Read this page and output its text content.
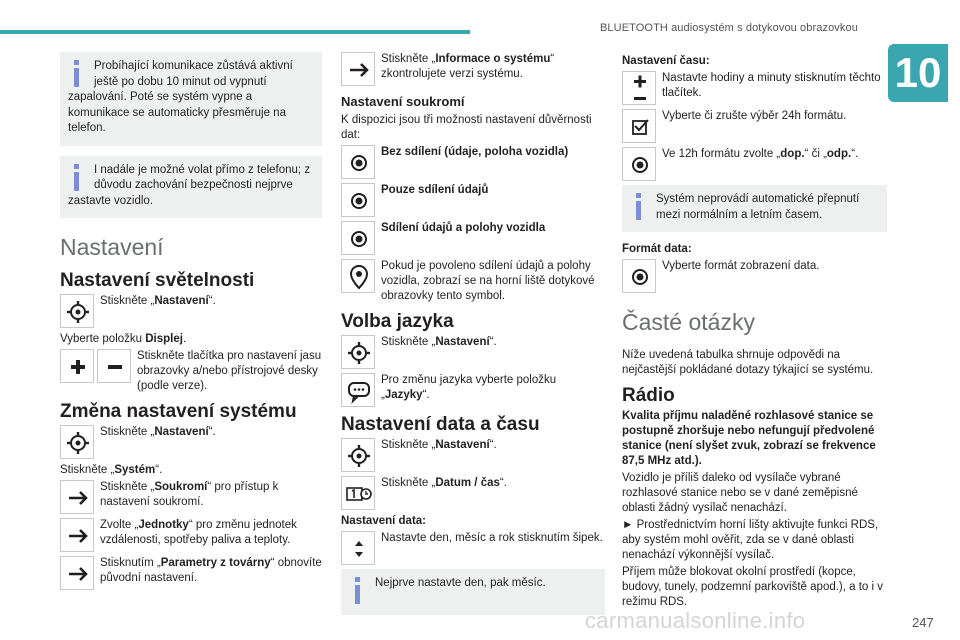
BLUETOOTH audiosystém s dotykovou obrazovkou
10

Probíhající komunikace zůstává aktivní ještě po dobu 10 minut od vypnutí zapalování. Poté se systém vypne a komunikace se automaticky přesměruje na telefon.

I nadále je možné volat přímo z telefonu; z důvodu zachování bezpečnosti nejprve zastavte vozidlo.

Nastavení
Nastavení světelnosti

Stiskněte „Nastavení“.

Vyberte položku Displej.

Stiskněte tlačítka pro nastavení jasu obrazovky a/nebo přístrojové desky (podle verze).

Změna nastavení systému

Stiskněte „Nastavení“.

Stiskněte „Systém“.

Stiskněte „Soukromí“ pro přístup k nastavení soukromí.

Zvolte „Jednotky“ pro změnu jednotek vzdálenosti, spotřeby paliva a teploty.

Stisknutím „Parametry z továrny“ obnovíte původní nastavení.

Stiskněte „Informace o systému“ zkontrolujete verzi systému.

Nastavení soukromí

K dispozici jsou tři možnosti nastavení důvěrnosti dat:

Bez sdílení (údaje, poloha vozidla)

Pouze sdílení údajů

Sdílení údajů a polohy vozidla

Pokud je povoleno sdílení údajů a polohy vozidla, zobrazí se na horní liště dotykové obrazovky tento symbol.

Volba jazyka

Stiskněte „Nastavení“.

Pro změnu jazyka vyberte položku „Jazyky“.

Nastavení data a času

Stiskněte „Nastavení“.

Stiskněte „Datum / čas“.

Nastavení data:

Nastavte den, měsíc a rok stisknutím šipek.

Nejprve nastavte den, pak měsíc.

Nastavení času:

Nastavte hodiny a minuty stisknutím těchto tlačítek.

Vyberte či zrušte výběr 24h formátu.

Ve 12h formátu zvolte „dop.“ či „odp.“.

Systém neprovádí automatické přepnutí mezi normálním a letním časem.

Formát data:

Vyberte formát zobrazení data.

Časté otázky

Níže uvedená tabulka shrnuje odpovědi na nejčastější pokládané dotazy týkající se systému.

Rádio

Kvalita příjmu naladěné rozhlasové stanice se postupně zhoršuje nebo nefungují předvolené stanice (není slyšet zvuk, zobrazí se frekvence 87,5 MHz atd.).

Vozidlo je příliš daleko od vysílače vybrané rozhlasové stanice nebo se v dané zeměpisné oblasti žádný vysílač nenachází.

► Prostřednictvím horní lišty aktivujte funkci RDS, aby systém mohl ověřit, zda se v dané oblasti nenachází výkonnější vysílač.

Příjem může blokovat okolní prostředí (kopce, budovy, tunely, podzemní parkoviště apod.), a to i v režimu RDS.

carmanualsonline.info	247
